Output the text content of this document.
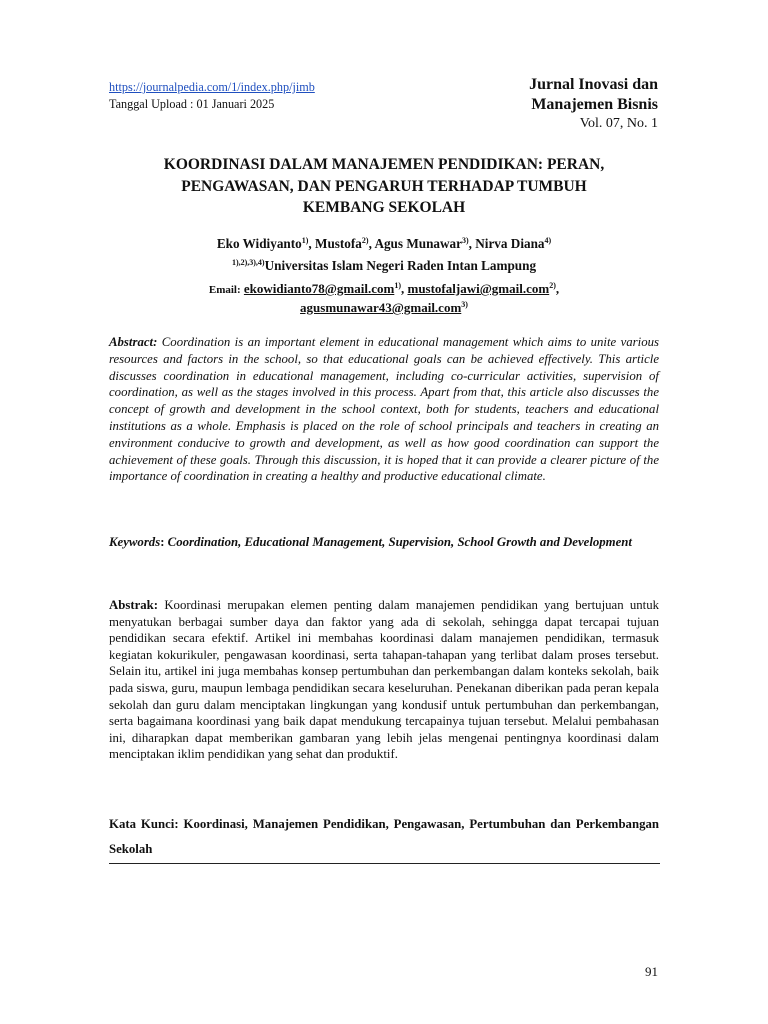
https://journalpedia.com/1/index.php/jimb
Tanggal Upload : 01 Januari 2025
Jurnal Inovasi dan
Manajemen Bisnis
Vol. 07, No. 1
KOORDINASI DALAM MANAJEMEN PENDIDIKAN: PERAN,
PENGAWASAN, DAN PENGARUH TERHADAP TUMBUH
KEMBANG SEKOLAH
Eko Widiyanto$^{1)}$, Mustofa$^{2)}$, Agus Munawar$^{3)}$, Nirva Diana$^{4)}$
$^{1),2),3),4)}$Universitas Islam Negeri Raden Intan Lampung
Email: ekowidianto78@gmail.com$^{1)}$, mustofaljawi@gmail.com$^{2)}$,
agusmunawar43@gmail.com$^{3)}$
Abstract: Coordination is an important element in educational management which aims to unite various resources and factors in the school, so that educational goals can be achieved effectively. This article discusses coordination in educational management, including co-curricular activities, supervision of coordination, as well as the stages involved in this process. Apart from that, this article also discusses the concept of growth and development in the school context, both for students, teachers and educational institutions as a whole. Emphasis is placed on the role of school principals and teachers in creating an environment conducive to growth and development, as well as how good coordination can support the achievement of these goals. Through this discussion, it is hoped that it can provide a clearer picture of the importance of coordination in creating a healthy and productive educational climate.
Keywords: Coordination, Educational Management, Supervision, School Growth and Development
Abstrak: Koordinasi merupakan elemen penting dalam manajemen pendidikan yang bertujuan untuk menyatukan berbagai sumber daya dan faktor yang ada di sekolah, sehingga dapat tercapai tujuan pendidikan secara efektif. Artikel ini membahas koordinasi dalam manajemen pendidikan, termasuk kegiatan kokurikuler, pengawasan koordinasi, serta tahapan-tahapan yang terlibat dalam proses tersebut. Selain itu, artikel ini juga membahas konsep pertumbuhan dan perkembangan dalam konteks sekolah, baik pada siswa, guru, maupun lembaga pendidikan secara keseluruhan. Penekanan diberikan pada peran kepala sekolah dan guru dalam menciptakan lingkungan yang kondusif untuk pertumbuhan dan perkembangan, serta bagaimana koordinasi yang baik dapat mendukung tercapainya tujuan tersebut. Melalui pembahasan ini, diharapkan dapat memberikan gambaran yang lebih jelas mengenai pentingnya koordinasi dalam menciptakan iklim pendidikan yang sehat dan produktif.
Kata Kunci: Koordinasi, Manajemen Pendidikan, Pengawasan, Pertumbuhan dan Perkembangan Sekolah
91
